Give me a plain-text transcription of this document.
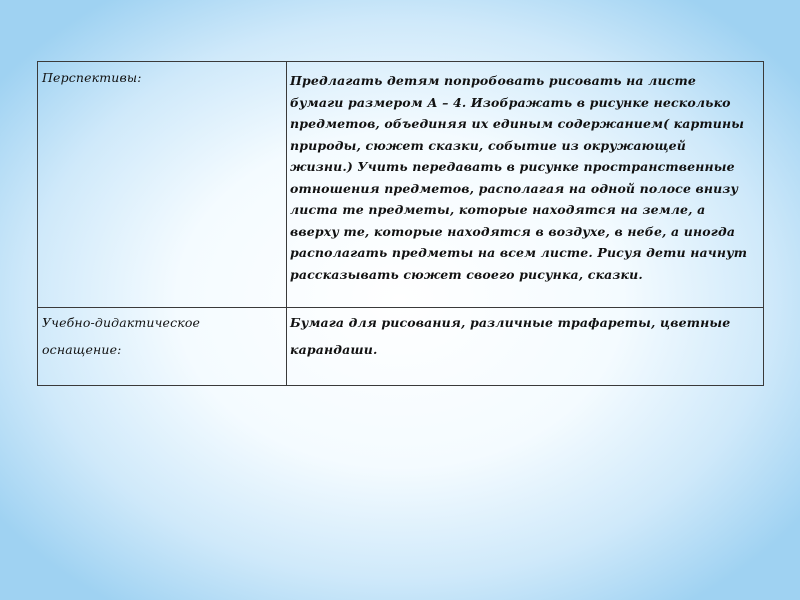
Перспективы:	Предлагать детям попробовать рисовать на листе бумаги размером А – 4. Изображать в рисунке несколько предметов, объединяя их единым содержанием( картины природы, сюжет сказки, событие из окружающей жизни.) Учить передавать в рисунке пространственные отношения предметов, располагая на одной полосе внизу листа те предметы, которые находятся на земле, а вверху те, которые находятся в воздухе, в небе, а иногда располагать предметы на всем листе. Рисуя дети начнут рассказывать сюжет своего рисунка, сказки.
Учебно-дидактическое оснащение:	Бумага для рисования, различные трафареты, цветные карандаши.
